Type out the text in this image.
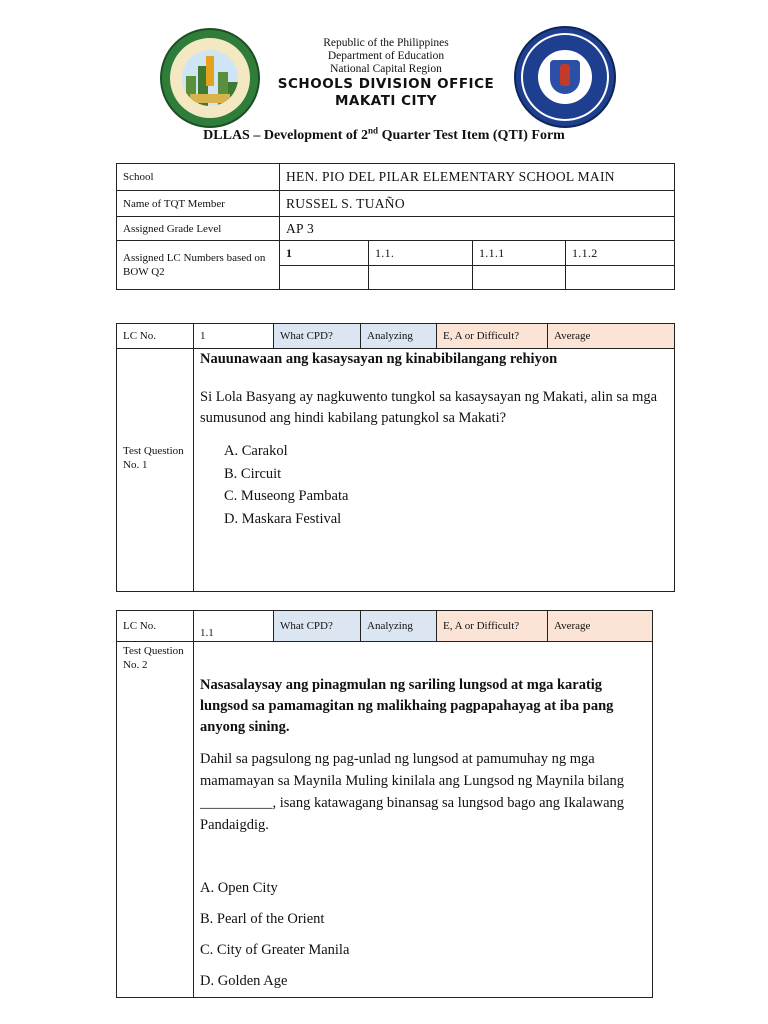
Republic of the Philippines
Department of Education
National Capital Region
SCHOOLS DIVISION OFFICE
MAKATI CITY
DLLAS – Development of 2nd Quarter Test Item (QTI) Form
School	HEN. PIO DEL PILAR ELEMENTARY SCHOOL MAIN			
Name of TQT Member	RUSSEL S. TUAÑO			
Assigned Grade Level	AP 3			
Assigned LC Numbers based on BOW Q2	1	1.1.	1.1.1	1.1.2

LC No.	1	What CPD?	Analyzing	E, A or Difficult?	Average
Test Question No. 1					
Nauunawaan ang kasaysayan ng kinabibilangang rehiyon
Si Lola Basyang ay nagkuwento tungkol sa kasaysayan ng Makati, alin sa mga sumusunod ang hindi kabilang patungkol sa Makati?
A. Carakol
B. Circuit
C. Museong Pambata
D. Maskara Festival
LC No.	1.1	What CPD?	Analyzing	E, A or Difficult?	Average
Test Question No. 2					
Nasasalaysay ang pinagmulan ng sariling lungsod at mga karatig lungsod sa pamamagitan ng malikhaing pagpapahayag at iba pang anyong sining.
Dahil sa pagsulong ng pag-unlad ng lungsod at pamumuhay ng mga mamamayan sa Maynila Muling kinilala ang Lungsod ng Maynila bilang __________, isang katawagang binansag sa lungsod bago ang Ikalawang Pandaigdig.
A. Open City
B. Pearl of the Orient
C. City of Greater Manila
D. Golden Age
